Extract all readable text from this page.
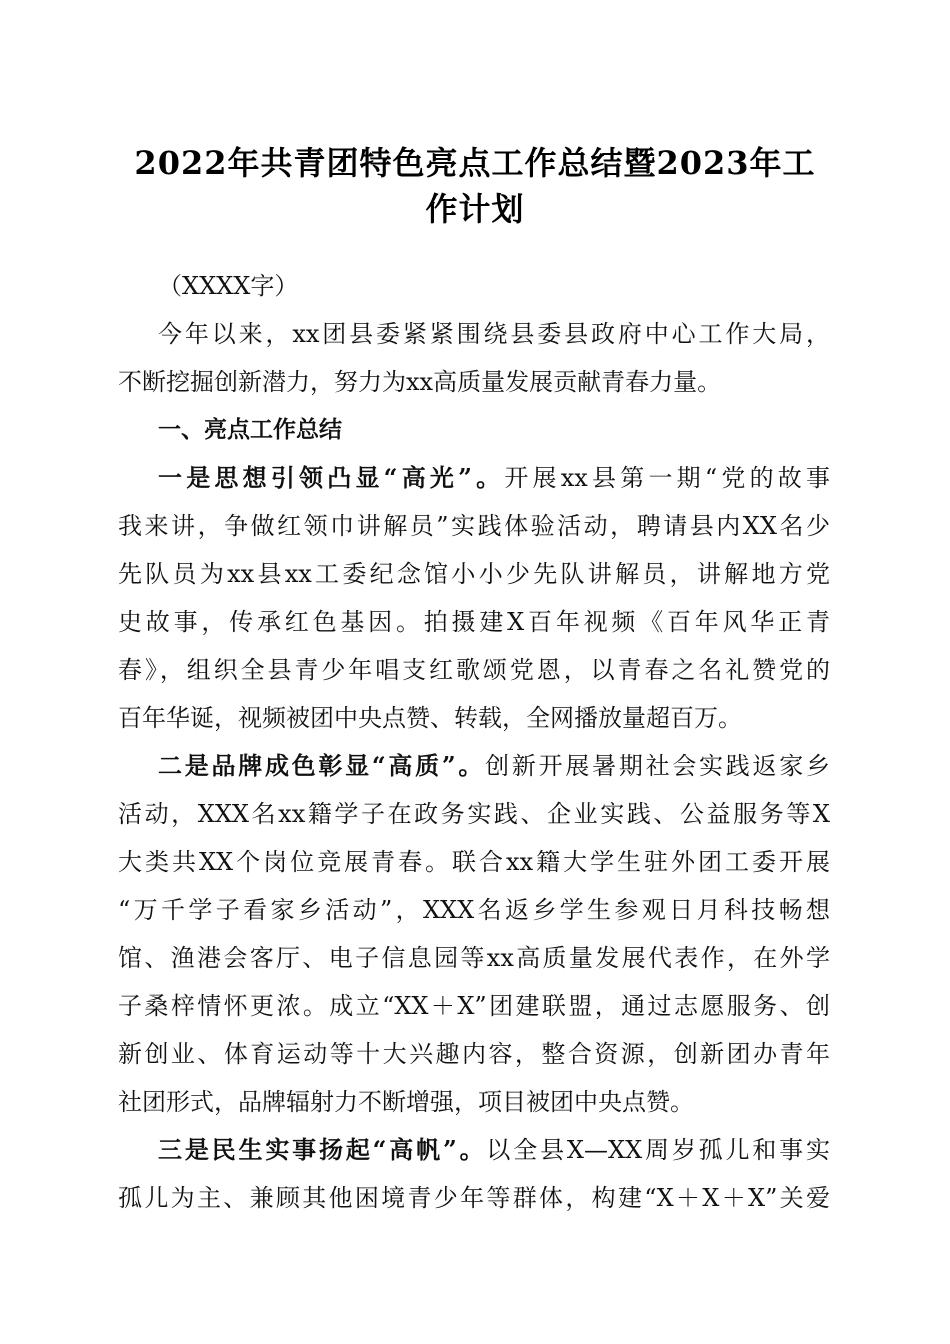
2022年共青团特色亮点工作总结暨2023年工
作计划
（XXXX字）
今年以来，xx团县委紧紧围绕县委县政府中心工作大局，
不断挖掘创新潜力，努力为xx高质量发展贡献青春力量。
一、亮点工作总结
一是思想引领凸显“高光”。开展xx县第一期“党的故事
我来讲，争做红领巾讲解员”实践体验活动，聘请县内XX名少
先队员为xx县xx工委纪念馆小小少先队讲解员，讲解地方党
史故事，传承红色基因。拍摄建X百年视频《百年风华正青
春》，组织全县青少年唱支红歌颂党恩，以青春之名礼赞党的
百年华诞，视频被团中央点赞、转载，全网播放量超百万。
二是品牌成色彰显“高质”。创新开展暑期社会实践返家乡
活动，XXX名xx籍学子在政务实践、企业实践、公益服务等X
大类共XX个岗位竞展青春。联合xx籍大学生驻外团工委开展
“万千学子看家乡活动”，XXX名返乡学生参观日月科技畅想
馆、渔港会客厅、电子信息园等xx高质量发展代表作，在外学
子桑梓情怀更浓。成立“XX＋X”团建联盟，通过志愿服务、创
新创业、体育运动等十大兴趣内容，整合资源，创新团办青年
社团形式，品牌辐射力不断增强，项目被团中央点赞。
三是民生实事扬起“高帆”。以全县X—XX周岁孤儿和事实
孤儿为主、兼顾其他困境青少年等群体，构建“X＋X＋X”关爱
